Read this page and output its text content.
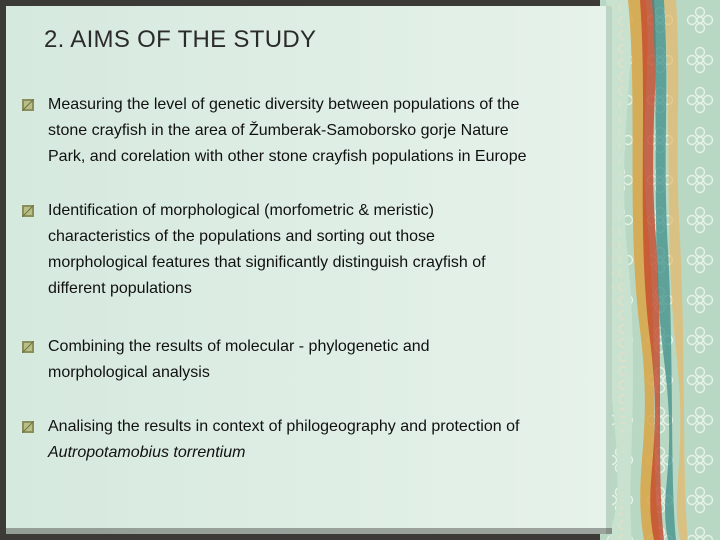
2. AIMS OF THE STUDY
Measuring the level of genetic diversity between populations of the
stone crayfish in the area of Žumberak-Samoborsko gorje Nature
Park, and corelation with other stone crayfish populations in Europe
Identification of morphological (morfometric & meristic)
characteristics of the populations and sorting out those
morphological features that significantly distinguish crayfish of
different populations
Combining the results of molecular - phylogenetic and
morphological analysis
Analising the results in context of philogeography and protection of
Autropotamobius torrentium
